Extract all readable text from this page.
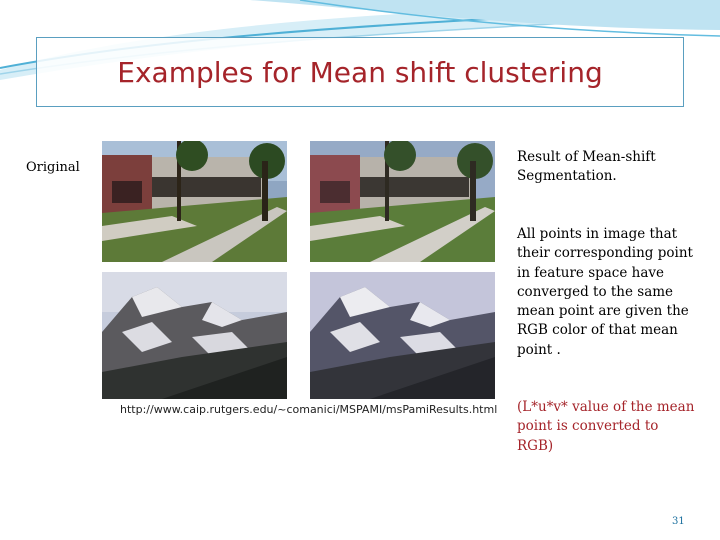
Examples for Mean shift clustering
Original
http://www.caip.rutgers.edu/~comanici/MSPAMI/msPamiResults.html
Result of Mean-shift Segmentation.
All points in image that their corresponding point in feature space have converged to the same mean point are given the RGB color of that mean point .
(L*u*v* value of the mean point is converted to RGB)
31
